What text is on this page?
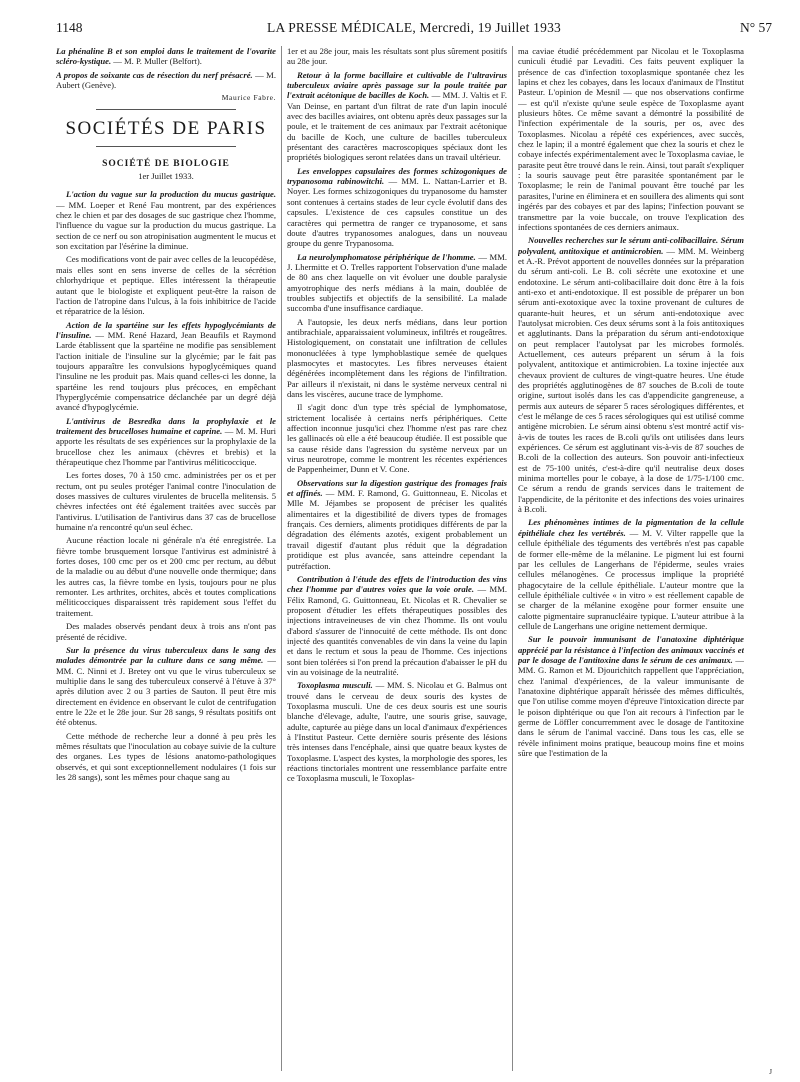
1148	LA PRESSE MÉDICALE, Mercredi, 19 Juillet 1933	N° 57

La phénaline B et son emploi dans le traitement de l'ovarite scléro-kystique. — M. P. Muller (Belfort).

A propos de soixante cas de résection du nerf présacré. — M. Aubert (Genève).

Maurice Fabre.
SOCIÉTÉS DE PARIS
SOCIÉTÉ DE BIOLOGIE
1er Juillet 1933.

L'action du vague sur la production du mucus gastrique. — MM. Loeper et René Fau montrent, par des expériences chez le chien et par des dosages de suc gastrique chez l'homme, l'influence du vague sur la production du mucus gastrique. La section de ce nerf ou son atropinisation augmentent le mucus et son excitation par l'ésérine la diminue.

Ces modifications vont de pair avec celles de la leucopédèse, mais elles sont en sens inverse de celles de la sécrétion chlorhydrique et peptique. Elles intéressent la thérapeutie autant que le biologiste et expliquent peut-être la raison de l'action de l'atropine dans l'ulcus, à la fois inhibitrice de l'acide et réparatrice de la lésion.

Action de la spartéine sur les effets hypoglycémiants de l'insuline. — MM. René Hazard, Jean Beaufils et Raymond Larde établissent que la spartéine ne modifie pas sensiblement l'action initiale de l'insuline sur la glycémie; par le fait pas toujours apparaître les convulsions hypoglycémiques quand l'insuline ne les produit pas. Mais quand celles-ci les donne, la spartéine les rend toujours plus précoces, en empêchant l'hyperglycémie compensatrice déclanchée par un degré déjà avancé d'hypoglycémie.

L'antivirus de Besredka dans la prophylaxie et le traitement des brucelloses humaine et caprine. — M. M. Huri apporte les résultats de ses expériences sur la prophylaxie de la brucellose chez les animaux (chèvres et brebis) et la thérapeutique chez l'homme par l'antivirus méliticoccique.

Les fortes doses, 70 à 150 cmc. administrées per os et per rectum, ont pu seules protéger l'animal contre l'inoculation de doses massives de cultures virulentes de brucella melitensis. 5 chèvres infectées ont été également traitées avec succès par l'antivirus. L'utilisation de l'antivirus dans 37 cas de brucellose humaine n'a rencontré qu'un seul échec.

Aucune réaction locale ni générale n'a été enregistrée. La fièvre tombe brusquement lorsque l'antivirus est administré à fortes doses, 100 cmc per os et 200 cmc per rectum, au début de la maladie ou au début d'une nouvelle onde thermique; dans les autres cas, la fièvre tombe en lysis, toujours pour ne plus remonter. Les arthrites, orchites, abcès et toutes complications méliticocciques disparaissent très rapidement sous l'effet du traitement.

Des malades observés pendant deux à trois ans n'ont pas présenté de récidive.

Sur la présence du virus tuberculeux dans le sang des malades démontrée par la culture dans ce sang même. — MM. C. Ninni et J. Bretey ont vu que le virus tuberculeux se multiplie dans le sang des tuberculeux conservé à l'étuve à 37° après dilution avec 2 ou 3 parties de Sauton. Il peut être mis directement en évidence en observant le culot de centrifugation entre le 22e et le 28e jour. Sur 28 sangs, 9 résultats positifs ont été obtenus.

Cette méthode de recherche leur a donné à peu près les mêmes résultats que l'inoculation au cobaye suivie de la culture des organes. Les types de lésions anatomo-pathologiques observés, et qui sont exceptionnellement nodulaires (1 fois sur les 28 sangs), sont les mêmes pour chaque sang au

1er et au 28e jour, mais les résultats sont plus sûrement positifs au 28e jour.

Retour à la forme bacillaire et cultivable de l'ultravirus tuberculeux aviaire après passage sur la poule traitée par l'extrait acétonique de bacilles de Koch. — MM. J. Valtis et F. Van Deinse, en partant d'un filtrat de rate d'un lapin inoculé avec des bacilles aviaires, ont obtenu après deux passages sur la poule, et le traitement de ces animaux par l'extrait acétonique du bacille de Koch, une culture de bacilles tuberculeux présentant des caractères macroscopiques spéciaux dont les propriétés biologiques seront relatées dans un travail ultérieur.

Les enveloppes capsulaires des formes schizogoniques de trypanosoma rabinowitchi. — MM. L. Nattan-Larrier et B. Noyer. Les formes schizogoniques du trypanosome du hamster sont contenues à certains stades de leur cycle évolutif dans des capsules. L'existence de ces capsules constitue un des caractères qui permettra de ranger ce trypanosome, et sans doute d'autres trypanosomes analogues, dans un nouveau groupe du genre Trypanosoma.

La neurolymphomatose périphérique de l'homme. — MM. J. Lhermitte et O. Trelles rapportent l'observation d'une malade de 80 ans chez laquelle on vit évoluer une double paralysie amyotrophique des nerfs médians à la main, doublée de troubles subjectifs et objectifs de la sensibilité. La malade succomba d'une insuffisance cardiaque.

A l'autopsie, les deux nerfs médians, dans leur portion antibrachiale, apparaissaient volumineux, infiltrés et rougeâtres. Histologiquement, on constatait une infiltration de cellules mononucléées à type lymphoblastique semée de quelques plasmocytes et mastocytes. Les fibres nerveuses étaient dégénérées incomplètement dans les régions de l'infiltration. Par ailleurs il n'existait, ni dans le système nerveux central ni dans les viscères, aucune trace de lymphome.

Il s'agit donc d'un type très spécial de lymphomatose, strictement localisée à certains nerfs périphériques. Cette affection inconnue jusqu'ici chez l'homme n'est pas rare chez les gallinacés où elle a été beaucoup étudiée. Il est possible que sa cause réside dans l'agression du système nerveux par un virus neurotrope, comme le montrent les récentes expériences de Pappenheimer, Dunn et V. Cone.

Observations sur la digestion gastrique des fromages frais et affinés. — MM. F. Ramond, G. Guittonneau, E. Nicolas et Mlle M. Jéjambes se proposent de préciser les qualités alimentaires et la digestibilité de divers types de fromages français. Ces derniers, aliments protidiques différents de par la dégradation des éléments azotés, exigent probablement un travail digestif d'autant plus réduit que la dégradation protidique est plus avancée, sans atteindre cependant la putréfaction.

Contribution à l'étude des effets de l'introduction des vins chez l'homme par d'autres voies que la voie orale. — MM. Félix Ramond, G. Guittonneau, Et. Nicolas et R. Chevalier se proposent d'étudier les effets thérapeutiques possibles des injections intraveineuses de vin chez l'homme. Ils ont voulu d'abord s'assurer de l'innocuité de cette méthode. Ils ont donc injecté des quantités convenables de vin dans la veine du lapin et dans le rectum et sous la peau de l'homme. Ces injections sont bien tolérées si l'on prend la précaution d'abaisser le pH du vin au voisinage de la neutralité.

Toxoplasma musculi. — MM. S. Nicolau et G. Balmus ont trouvé dans le cerveau de deux souris des kystes de Toxoplasma musculi. Une de ces deux souris est une souris blanche d'élevage, adulte, l'autre, une souris grise, sauvage, adulte, capturée au piège dans un local d'animaux d'expériences à l'Institut Pasteur. Cette dernière souris présente des lésions très intenses dans l'encéphale, ainsi que quatre beaux kystes de Toxoplasme. L'aspect des kystes, la morphologie des spores, les réactions tinctoriales montrent une ressemblance parfaite entre ce Toxoplasma musculi, le Toxoplas-

ma caviae étudié précédemment par Nicolau et le Toxoplasma cuniculi étudié par Levaditi. Ces faits peuvent expliquer la présence de cas d'infection toxoplasmique spontanée chez les lapins et chez les cobayes, dans les locaux d'animaux de l'Institut Pasteur. L'opinion de Mesnil — que nos observations confirme — est qu'il n'existe qu'une seule espèce de Toxoplasme ayant plusieurs hôtes. Ce même savant a démontré la possibilité de l'infection expérimentale de la souris, per os, avec des Toxoplasmes. Nicolau a répété ces expériences, avec succès, chez le lapin; il a montré également que chez la souris et chez le cobaye infectés expérimentalement avec le Toxoplasma caviae, le parasite peut être trouvé dans le rein. Ainsi, tout paraît s'expliquer : la souris sauvage peut être parasitée spontanément par le Toxoplasme; le rein de l'animal pouvant être touché par les parasites, l'urine en éliminera et en souillera des aliments qui sont ingérés par des cobayes et par des lapins; l'infection pouvant se transmettre par la voie buccale, on trouve l'explication des infections spontanées de ces derniers animaux.

Nouvelles recherches sur le sérum anti-colibacillaire. Sérum polyvalent, antitoxique et antimicrobien. — MM. M. Weinberg et A.-R. Prévot apportent de nouvelles données sur la préparation du sérum anti-coli. Le B. coli sécrète une exotoxine et une endotoxine. Le sérum anti-colibacillaire doit donc être à la fois anti-exo et anti-endotoxique. Il est possible de préparer un bon sérum anti-exotoxique avec la toxine provenant de cultures de quarante-huit heures, et un sérum anti-endotoxique avec l'autolysat microbien. Ces deux sérums sont à la fois antitoxiques et agglutinants. Dans la préparation du sérum anti-endotoxique on peut remplacer l'autolysat par les microbes formolés. Actuellement, ces auteurs préparent un sérum à la fois polyvalent, antitoxique et antimicrobien. La toxine injectée aux chevaux provient de cultures de vingt-quatre heures. Une étude des propriétés agglutinogènes de 87 souches de B.coli de toute origine, surtout isolés dans les cas d'appendicite gangreneuse, a permis aux auteurs de séparer 5 races sérologiques différentes, et c'est le mélange de ces 5 races sérologiques qui est utilisé comme antigène microbien. Le sérum ainsi obtenu s'est montré actif vis-à-vis de toutes les races de B.coli qu'ils ont utilisées dans leurs expériences. Ce sérum est agglutinant vis-à-vis de 87 souches de B.coli de la collection des auteurs. Son pouvoir anti-infectieux est de 75-100 unités, c'est-à-dire qu'il neutralise deux doses minima mortelles pour le cobaye, à la dose de 1/75-1/100 cmc. Ce sérum a rendu de grands services dans le traitement de l'appendicite, de la péritonite et des infections des voies urinaires à B.coli.

Les phénomènes intimes de la pigmentation de la cellule épithéliale chez les vertébrés. — M. V. Vilter rappelle que la cellule épithéliale des téguments des vertébrés n'est pas capable de former elle-même de la mélanine. Le pigment lui est fourni par les cellules de Langerhans de l'épiderme, seules vraies cellules mélanogènes. Ce processus implique la propriété phagocytaire de la cellule épithéliale. L'auteur montre que la cellule épithéliale cultivée « in vitro » est réellement capable de se charger de la mélanine exogène pour former ensuite une calotte pigmentaire supranucléaire typique. L'auteur attribue à la cellule de Langerhans une origine nettement dermique.

Sur le pouvoir immunisant de l'anatoxine diphtérique apprécié par la résistance à l'infection des animaux vaccinés et par le dosage de l'antitoxine dans le sérum de ces animaux. — MM. G. Ramon et M. Djourichitch rappellent que l'appréciation, chez l'animal d'expériences, de la valeur immunisante de l'anatoxine diphtérique apparaît hérissée des mêmes difficultés, que l'on utilise comme moyen d'épreuve l'intoxication directe par le poison diphtérique ou que l'on ait recours à l'infection par le germe de Löffler concurremment avec le dosage de l'antitoxine dans le sérum de l'animal vacciné. Dans tous les cas, elle se révèle infiniment moins pratique, beaucoup moins fine et moins sûre que l'estimation de la

J
